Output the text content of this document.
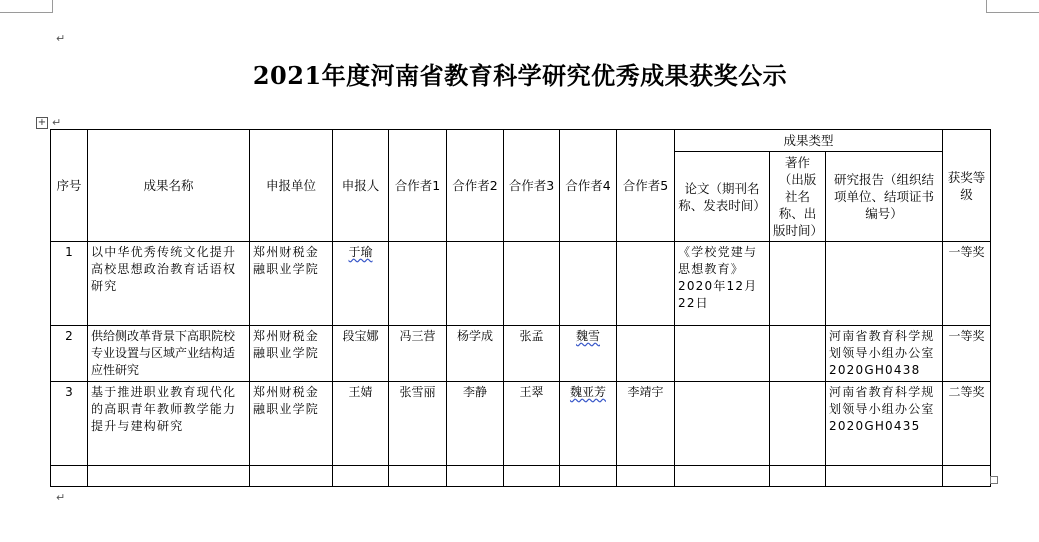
↵
2021年度河南省教育科学研究优秀成果获奖公示
+ ↵
序号	成果名称	申报单位	申报人	合作者1	合作者2	合作者3	合作者4	合作者5	成果类型			获奖等级
									论文（期刊名称、发表时间）	著作（出版社名称、出版时间）	研究报告（组织结项单位、结项证书编号）	
1	以中华优秀传统文化提升高校思想政治教育话语权研究	郑州财税金融职业学院	于瑜						《学校党建与思想教育》2020年12月22日			一等奖
2	供给侧改革背景下高职院校专业设置与区域产业结构适应性研究	郑州财税金融职业学院	段宝娜	冯三营	杨学成	张孟	魏雪				河南省教育科学规划领导小组办公室2020GH0438	一等奖
3	基于推进职业教育现代化的高职青年教师教学能力提升与建构研究	郑州财税金融职业学院	王婧	张雪丽	李静	王翠	魏亚芳	李靖宇			河南省教育科学规划领导小组办公室2020GH0435	二等奖

↵
